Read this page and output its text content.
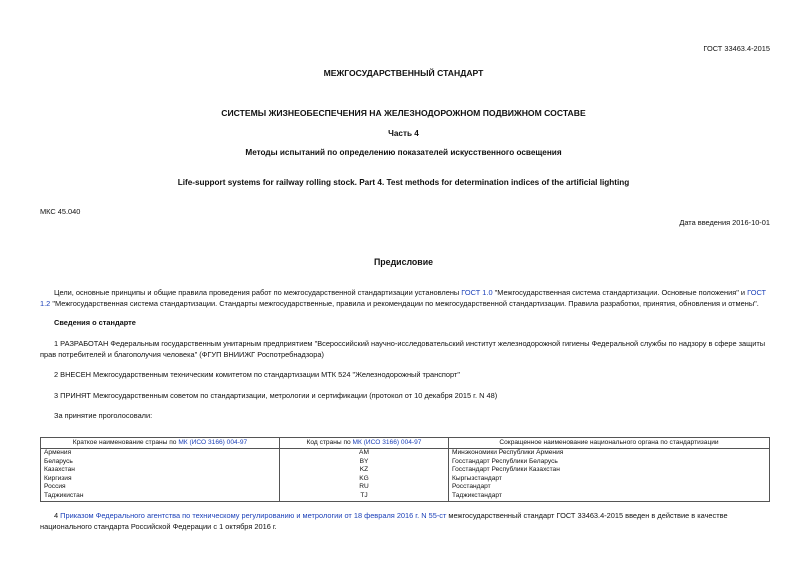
ГОСТ 33463.4-2015
МЕЖГОСУДАРСТВЕННЫЙ СТАНДАРТ
СИСТЕМЫ ЖИЗНЕОБЕСПЕЧЕНИЯ НА ЖЕЛЕЗНОДОРОЖНОМ ПОДВИЖНОМ СОСТАВЕ
Часть 4
Методы испытаний по определению показателей искусственного освещения
Life-support systems for railway rolling stock. Part 4. Test methods for determination indices of the artificial lighting
МКС 45.040
Дата введения 2016-10-01
Предисловие
Цели, основные принципы и общие правила проведения работ по межгосударственной стандартизации установлены ГОСТ 1.0 "Межгосударственная система стандартизации. Основные положения" и ГОСТ 1.2 "Межгосударственная система стандартизации. Стандарты межгосударственные, правила и рекомендации по межгосударственной стандартизации. Правила разработки, принятия, обновления и отмены".
Сведения о стандарте
1 РАЗРАБОТАН Федеральным государственным унитарным предприятием "Всероссийский научно-исследовательский институт железнодорожной гигиены Федеральной службы по надзору в сфере защиты прав потребителей и благополучия человека" (ФГУП ВНИИЖГ Роспотребнадзора)
2 ВНЕСЕН Межгосударственным техническим комитетом по стандартизации МТК 524 "Железнодорожный транспорт"
3 ПРИНЯТ Межгосударственным советом по стандартизации, метрологии и сертификации (протокол от 10 декабря 2015 г. N 48)
За принятие проголосовали:
Краткое наименование страны по МК (ИСО 3166) 004-97	Код страны по МК (ИСО 3166) 004-97	Сокращенное наименование национального органа по стандартизации
Армения	AM	Минэкономики Республики Армения
Беларусь	BY	Госстандарт Республики Беларусь
Казахстан	KZ	Госстандарт Республики Казахстан
Киргизия	KG	Кыргызстандарт
Россия	RU	Росстандарт
Таджикистан	TJ	Таджикстандарт
4 Приказом Федерального агентства по техническому регулированию и метрологии от 18 февраля 2016 г. N 55-ст межгосударственный стандарт ГОСТ 33463.4-2015 введен в действие в качестве национального стандарта Российской Федерации с 1 октября 2016 г.
